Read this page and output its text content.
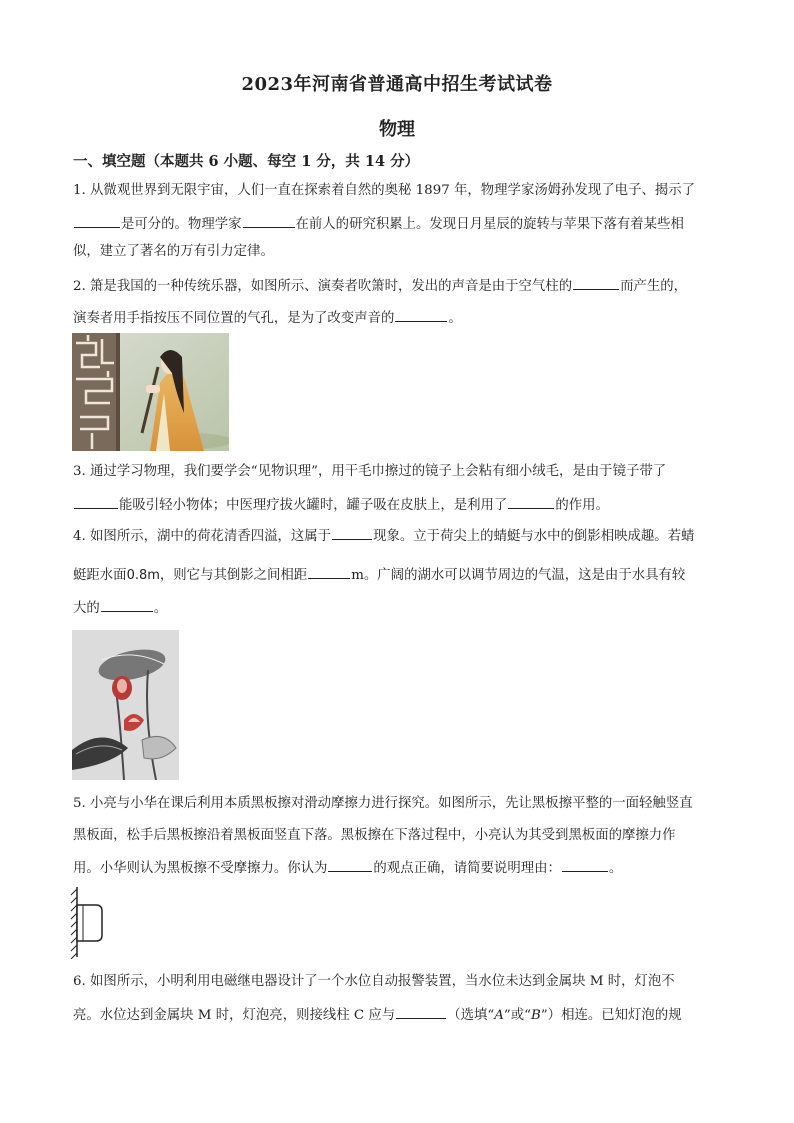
2023年河南省普通高中招生考试试卷
物理
一、填空题（本题共 6 小题、每空 1 分，共 14 分）
1. 从微观世界到无限宇宙，人们一直在探索着自然的奥秘 1897 年，物理学家汤姆孙发现了电子、揭示了
是可分的。物理学家	在前人的研究积累上。发现日月星辰的旋转与苹果下落有着某些相
似，建立了著名的万有引力定律。
2. 箫是我国的一种传统乐器，如图所示、演奏者吹箫时，发出的声音是由于空气柱的	而产生的，
演奏者用手指按压不同位置的气孔，是为了改变声音的	。
3. 通过学习物理，我们要学会“见物识理”，用干毛巾擦过的镜子上会粘有细小绒毛，是由于镜子带了
能吸引轻小物体；中医理疗拔火罐时，罐子吸在皮肤上，是利用了	的作用。
4. 如图所示，湖中的荷花清香四溢，这属于	现象。立于荷尖上的蜻蜓与水中的倒影相映成趣。若蜻
蜓距水面0.8m，则它与其倒影之间相距	m。广阔的湖水可以调节周边的气温，这是由于水具有较
大的	。
5. 小亮与小华在课后利用本质黑板擦对滑动摩擦力进行探究。如图所示，先让黑板擦平整的一面轻触竖直
黑板面，松手后黑板擦沿着黑板面竖直下落。黑板擦在下落过程中，小亮认为其受到黑板面的摩擦力作
用。小华则认为黑板擦不受摩擦力。你认为	的观点正确，请简要说明理由：	。
6. 如图所示，小明利用电磁继电器设计了一个水位自动报警装置，当水位未达到金属块 M 时，灯泡不
亮。水位达到金属块 M 时，灯泡亮，则接线柱 C 应与	（选填“A”或“B”）相连。已知灯泡的规
